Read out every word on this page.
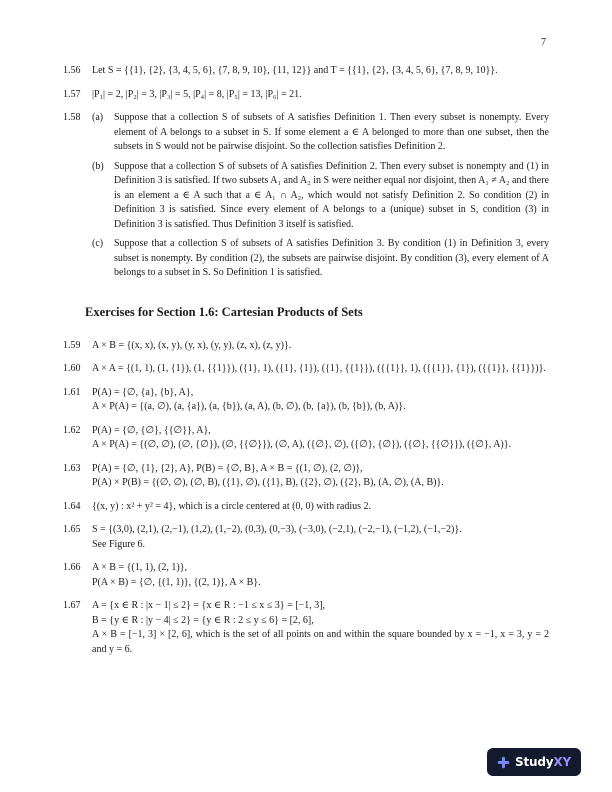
7
1.56	Let S = {{1}, {2}, {3, 4, 5, 6}, {7, 8, 9, 10}, {11, 12}} and T = {{1}, {2}, {3, 4, 5, 6}, {7, 8, 9, 10}}.
1.57	|P₁| = 2, |P₂| = 3, |P₃| = 5, |P₄| = 8, |P₅| = 13, |P₆| = 21.
1.58	(a)	Suppose that a collection S of subsets of A satisfies Definition 1. Then every subset is nonempty. Every element of A belongs to a subset in S. If some element a ∈ A belonged to more than one subset, then the subsets in S would not be pairwise disjoint. So the collection satisfies Definition 2.
(b)	Suppose that a collection S of subsets of A satisfies Definition 2. Then every subset is nonempty and (1) in Definition 3 is satisfied. If two subsets A₁ and A₂ in S were neither equal nor disjoint, then A₁ ≠ A₂ and there is an element a ∈ A such that a ∈ A₁ ∩ A₂, which would not satisfy Definition 2. So condition (2) in Definition 3 is satisfied. Since every element of A belongs to a (unique) subset in S, condition (3) in Definition 3 is satisfied. Thus Definition 3 itself is satisfied.
(c)	Suppose that a collection S of subsets of A satisfies Definition 3. By condition (1) in Definition 3, every subset is nonempty. By condition (2), the subsets are pairwise disjoint. By condition (3), every element of A belongs to a subset in S. So Definition 1 is satisfied.
Exercises for Section 1.6: Cartesian Products of Sets
1.59	A × B = {(x, x), (x, y), (y, x), (y, y), (z, x), (z, y)}.
1.60	A × A = {(1, 1), (1, {1}), (1, {{1}}), ({1}, 1), ({1}, {1}), ({1}, {{1}}), ({{1}}, 1), ({{1}}, {1}), ({{1}}, {{1}})}.
1.61	P(A) = {∅, {a}, {b}, A},
A × P(A) = {(a, ∅), (a, {a}), (a, {b}), (a, A), (b, ∅), (b, {a}), (b, {b}), (b, A)}.
1.62	P(A) = {∅, {∅}, {{∅}}, A},
A × P(A) = {(∅, ∅), (∅, {∅}), (∅, {{∅}}), (∅, A), ({∅}, ∅), ({∅}, {∅}), ({∅}, {{∅}}), ({∅}, A)}.
1.63	P(A) = {∅, {1}, {2}, A}, P(B) = {∅, B}, A × B = {(1, ∅), (2, ∅)},
P(A) × P(B) = {(∅, ∅), (∅, B), ({1}, ∅), ({1}, B), ({2}, ∅), ({2}, B), (A, ∅), (A, B)}.
1.64	{(x, y) : x² + y² = 4}, which is a circle centered at (0, 0) with radius 2.
1.65	S = {(3,0), (2,1), (2,−1), (1,2), (1,−2), (0,3), (0,−3), (−3,0), (−2,1), (−2,−1), (−1,2), (−1,−2)}.
See Figure 6.
1.66	A × B = {(1, 1), (2, 1)},
P(A × B) = {∅, {(1, 1)}, {(2, 1)}, A × B}.
1.67	A = {x ∈ R : |x − 1| ≤ 2} = {x ∈ R : −1 ≤ x ≤ 3} = [−1, 3],
B = {y ∈ R : |y − 4| ≤ 2} = {y ∈ R : 2 ≤ y ≤ 6} = [2, 6],
A × B = [−1, 3] × [2, 6], which is the set of all points on and within the square bounded by x = −1, x = 3, y = 2 and y = 6.
StudyXY
